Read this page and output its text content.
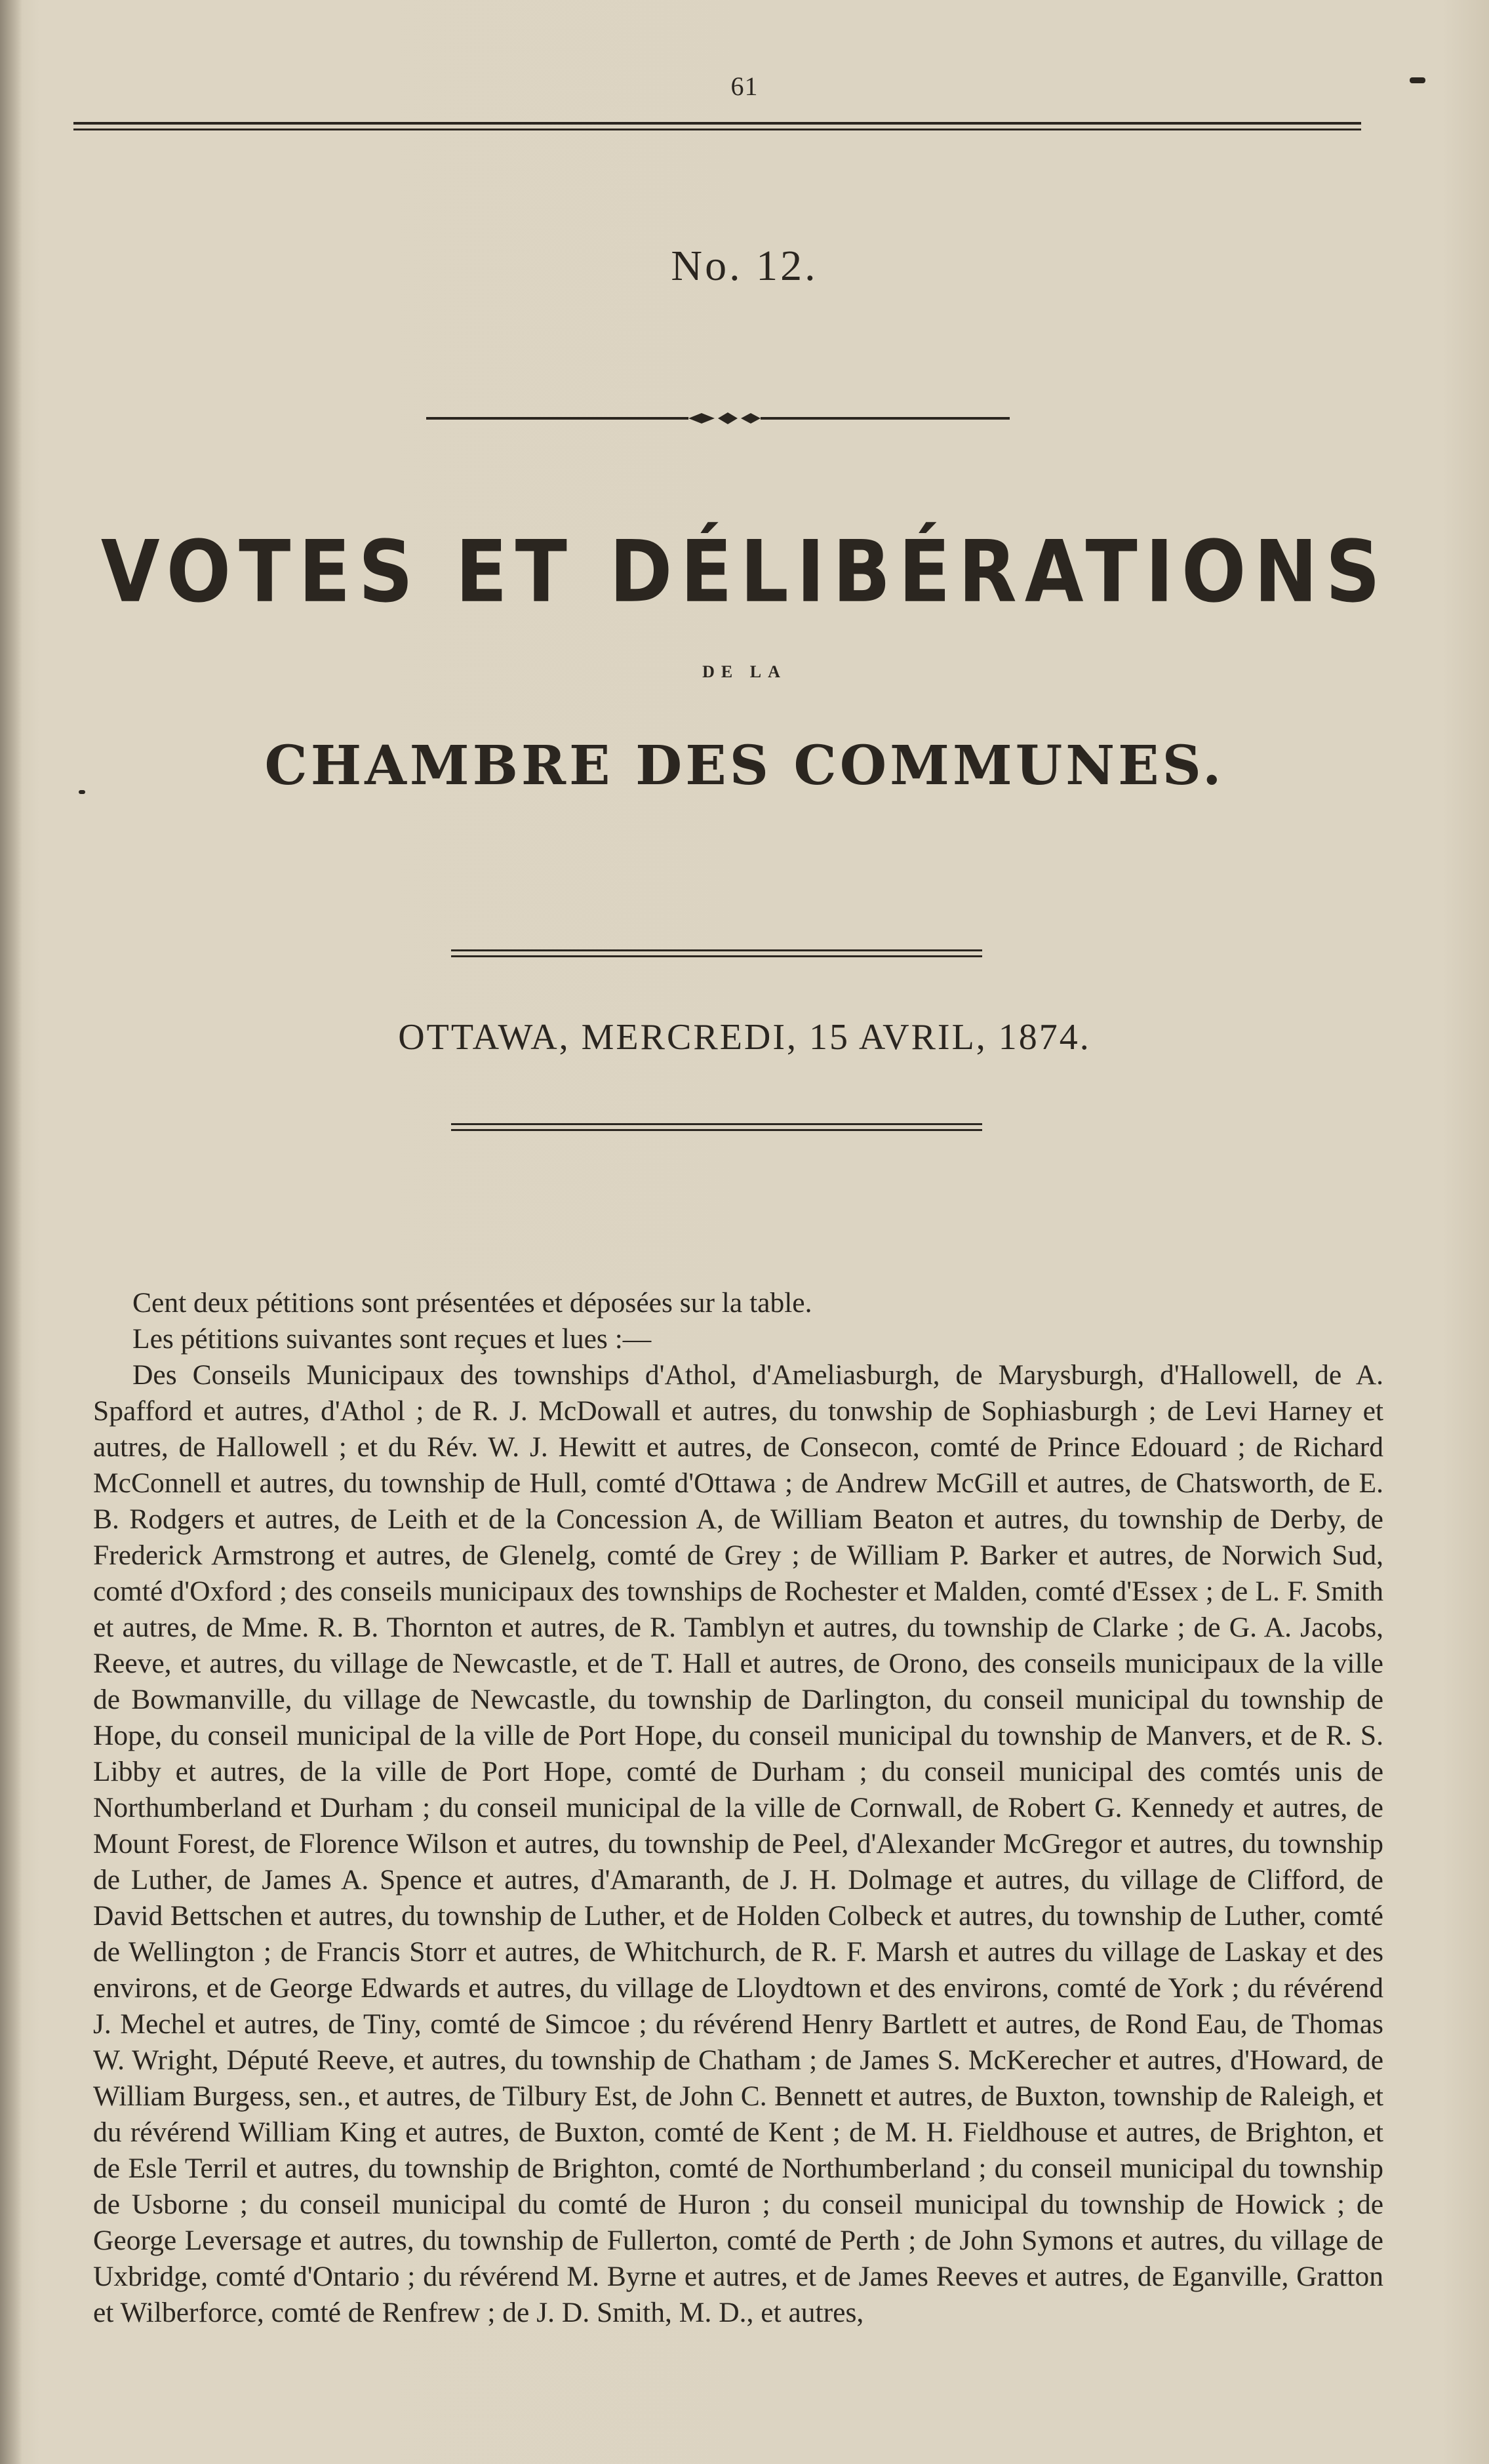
61
No. 12.
VOTES ET DÉLIBÉRATIONS
DE LA
CHAMBRE DES COMMUNES.
OTTAWA, MERCREDI, 15 AVRIL, 1874.

Cent deux pétitions sont présentées et déposées sur la table.

Les pétitions suivantes sont reçues et lues :—

Des Conseils Municipaux des townships d'Athol, d'Ameliasburgh, de Marysburgh, d'Hallowell, de A. Spafford et autres, d'Athol ; de R. J. McDowall et autres, du tonwship de Sophiasburgh ; de Levi Harney et autres, de Hallowell ; et du Rév. W. J. Hewitt et autres, de Consecon, comté de Prince Edouard ; de Richard McConnell et autres, du township de Hull, comté d'Ottawa ; de Andrew McGill et autres, de Chatsworth, de E. B. Rodgers et autres, de Leith et de la Concession A, de William Beaton et autres, du township de Derby, de Frederick Armstrong et autres, de Glenelg, comté de Grey ; de William P. Barker et autres, de Norwich Sud, comté d'Oxford ; des conseils municipaux des townships de Rochester et Malden, comté d'Essex ; de L. F. Smith et autres, de Mme. R. B. Thornton et autres, de R. Tamblyn et autres, du township de Clarke ; de G. A. Jacobs, Reeve, et autres, du village de Newcastle, et de T. Hall et autres, de Orono, des conseils municipaux de la ville de Bowmanville, du village de Newcastle, du township de Darlington, du conseil municipal du township de Hope, du conseil municipal de la ville de Port Hope, du conseil municipal du township de Manvers, et de R. S. Libby et autres, de la ville de Port Hope, comté de Durham ; du conseil municipal des comtés unis de Northumberland et Durham ; du conseil municipal de la ville de Cornwall, de Robert G. Kennedy et autres, de Mount Forest, de Florence Wilson et autres, du township de Peel, d'Alexander McGregor et autres, du township de Luther, de James A. Spence et autres, d'Amaranth, de J. H. Dolmage et autres, du village de Clifford, de David Bettschen et autres, du township de Luther, et de Holden Colbeck et autres, du township de Luther, comté de Wellington ; de Francis Storr et autres, de Whitchurch, de R. F. Marsh et autres du village de Laskay et des environs, et de George Edwards et autres, du village de Lloydtown et des environs, comté de York ; du révérend J. Mechel et autres, de Tiny, comté de Simcoe ; du révérend Henry Bartlett et autres, de Rond Eau, de Thomas W. Wright, Député Reeve, et autres, du township de Chatham ; de James S. McKerecher et autres, d'Howard, de William Burgess, sen., et autres, de Tilbury Est, de John C. Bennett et autres, de Buxton, township de Raleigh, et du révérend William King et autres, de Buxton, comté de Kent ; de M. H. Fieldhouse et autres, de Brighton, et de Esle Terril et autres, du township de Brighton, comté de Northumberland ; du conseil municipal du township de Usborne ; du conseil municipal du comté de Huron ; du conseil municipal du township de Howick ; de George Leversage et autres, du township de Fullerton, comté de Perth ; de John Symons et autres, du village de Uxbridge, comté d'Ontario ; du révérend M. Byrne et autres, et de James Reeves et autres, de Eganville, Gratton et Wilberforce, comté de Renfrew ; de J. D. Smith, M. D., et autres,
